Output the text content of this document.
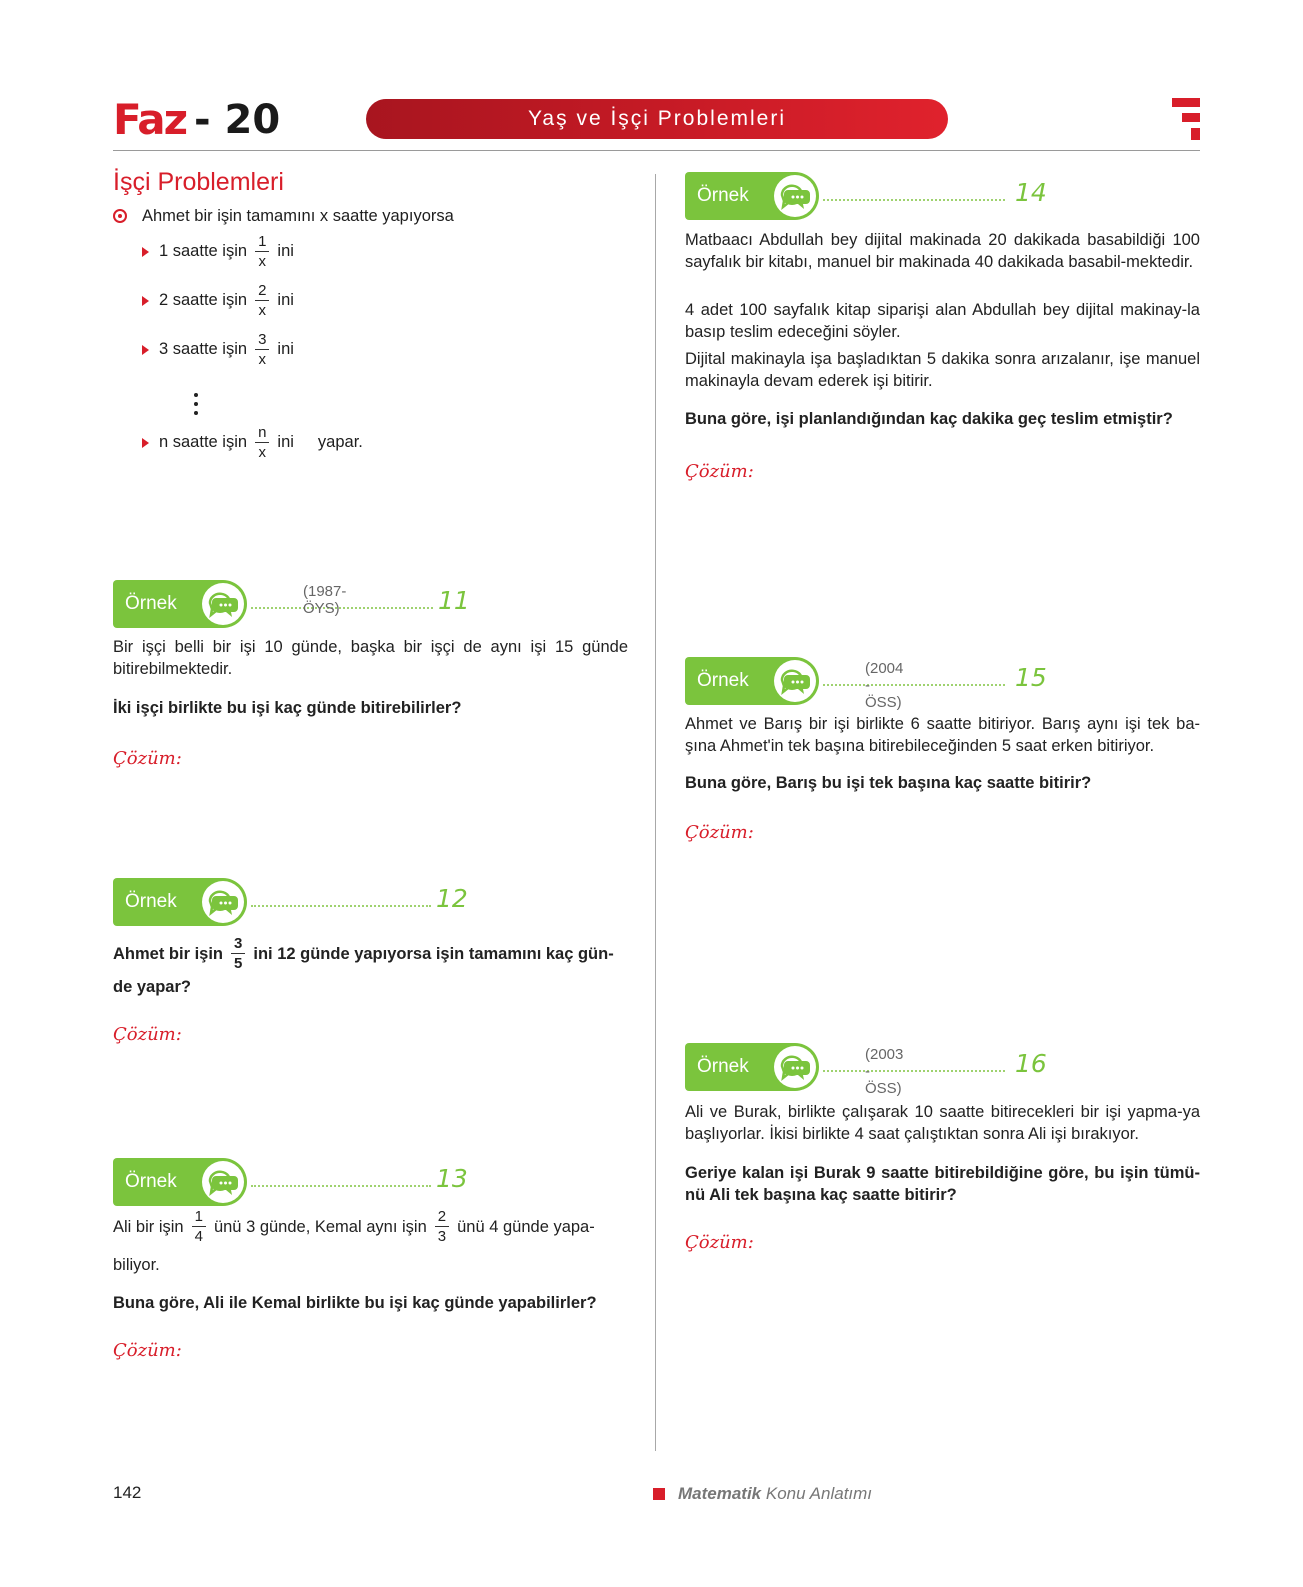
Faz - 20	Yaş ve İşçi Problemleri
İşçi Problemleri
Ahmet bir işin tamamını x saatte yapıyorsa
1 saatte işin $\frac{1}{x}$ ini
2 saatte işin $\frac{2}{x}$ ini
3 saatte işin $\frac{3}{x}$ ini
n saatte işin $\frac{n}{x}$ ini yapar.
Örnek
(1987- ÖYS)	11
Bir işçi belli bir işi 10 günde, başka bir işçi de aynı işi 15 günde bitirebilmektedir.
İki işçi birlikte bu işi kaç günde bitirebilirler?
Çözüm:
Örnek	12
Ahmet bir işin $\frac{3}{5}$ ini 12 günde yapıyorsa işin tamamını kaç gün-
de yapar?
Çözüm:
Örnek	13
Ali bir işin $\frac{1}{4}$ ünü 3 günde, Kemal aynı işin $\frac{2}{3}$ ünü 4 günde yapa-
biliyor.
Buna göre, Ali ile Kemal birlikte bu işi kaç günde yapabilirler?
Çözüm:
Örnek	14
Matbaacı Abdullah bey dijital makinada 20 dakikada basabildiği 100 sayfalık bir kitabı, manuel bir makinada 40 dakikada basabil-mektedir.
4 adet 100 sayfalık kitap siparişi alan Abdullah bey dijital makinay-la basıp teslim edeceğini söyler.
Dijital makinayla işa başladıktan 5 dakika sonra arızalanır, işe manuel makinayla devam ederek işi bitirir.
Buna göre, işi planlandığından kaç dakika geç teslim etmiştir?
Çözüm:
Örnek
(2004 - ÖSS)
15
Ahmet ve Barış bir işi birlikte 6 saatte bitiriyor. Barış aynı işi tek ba-şına Ahmet'in tek başına bitirebileceğinden 5 saat erken bitiriyor.
Buna göre, Barış bu işi tek başına kaç saatte bitirir?
Çözüm:
Örnek
(2003 - ÖSS)
16
Ali ve Burak, birlikte çalışarak 10 saatte bitirecekleri bir işi yapma-ya başlıyorlar. İkisi birlikte 4 saat çalıştıktan sonra Ali işi bırakıyor.
Geriye kalan işi Burak 9 saatte bitirebildiğine göre, bu işin tümü-nü Ali tek başına kaç saatte bitirir?
Çözüm:
142	Matematik Konu Anlatımı
